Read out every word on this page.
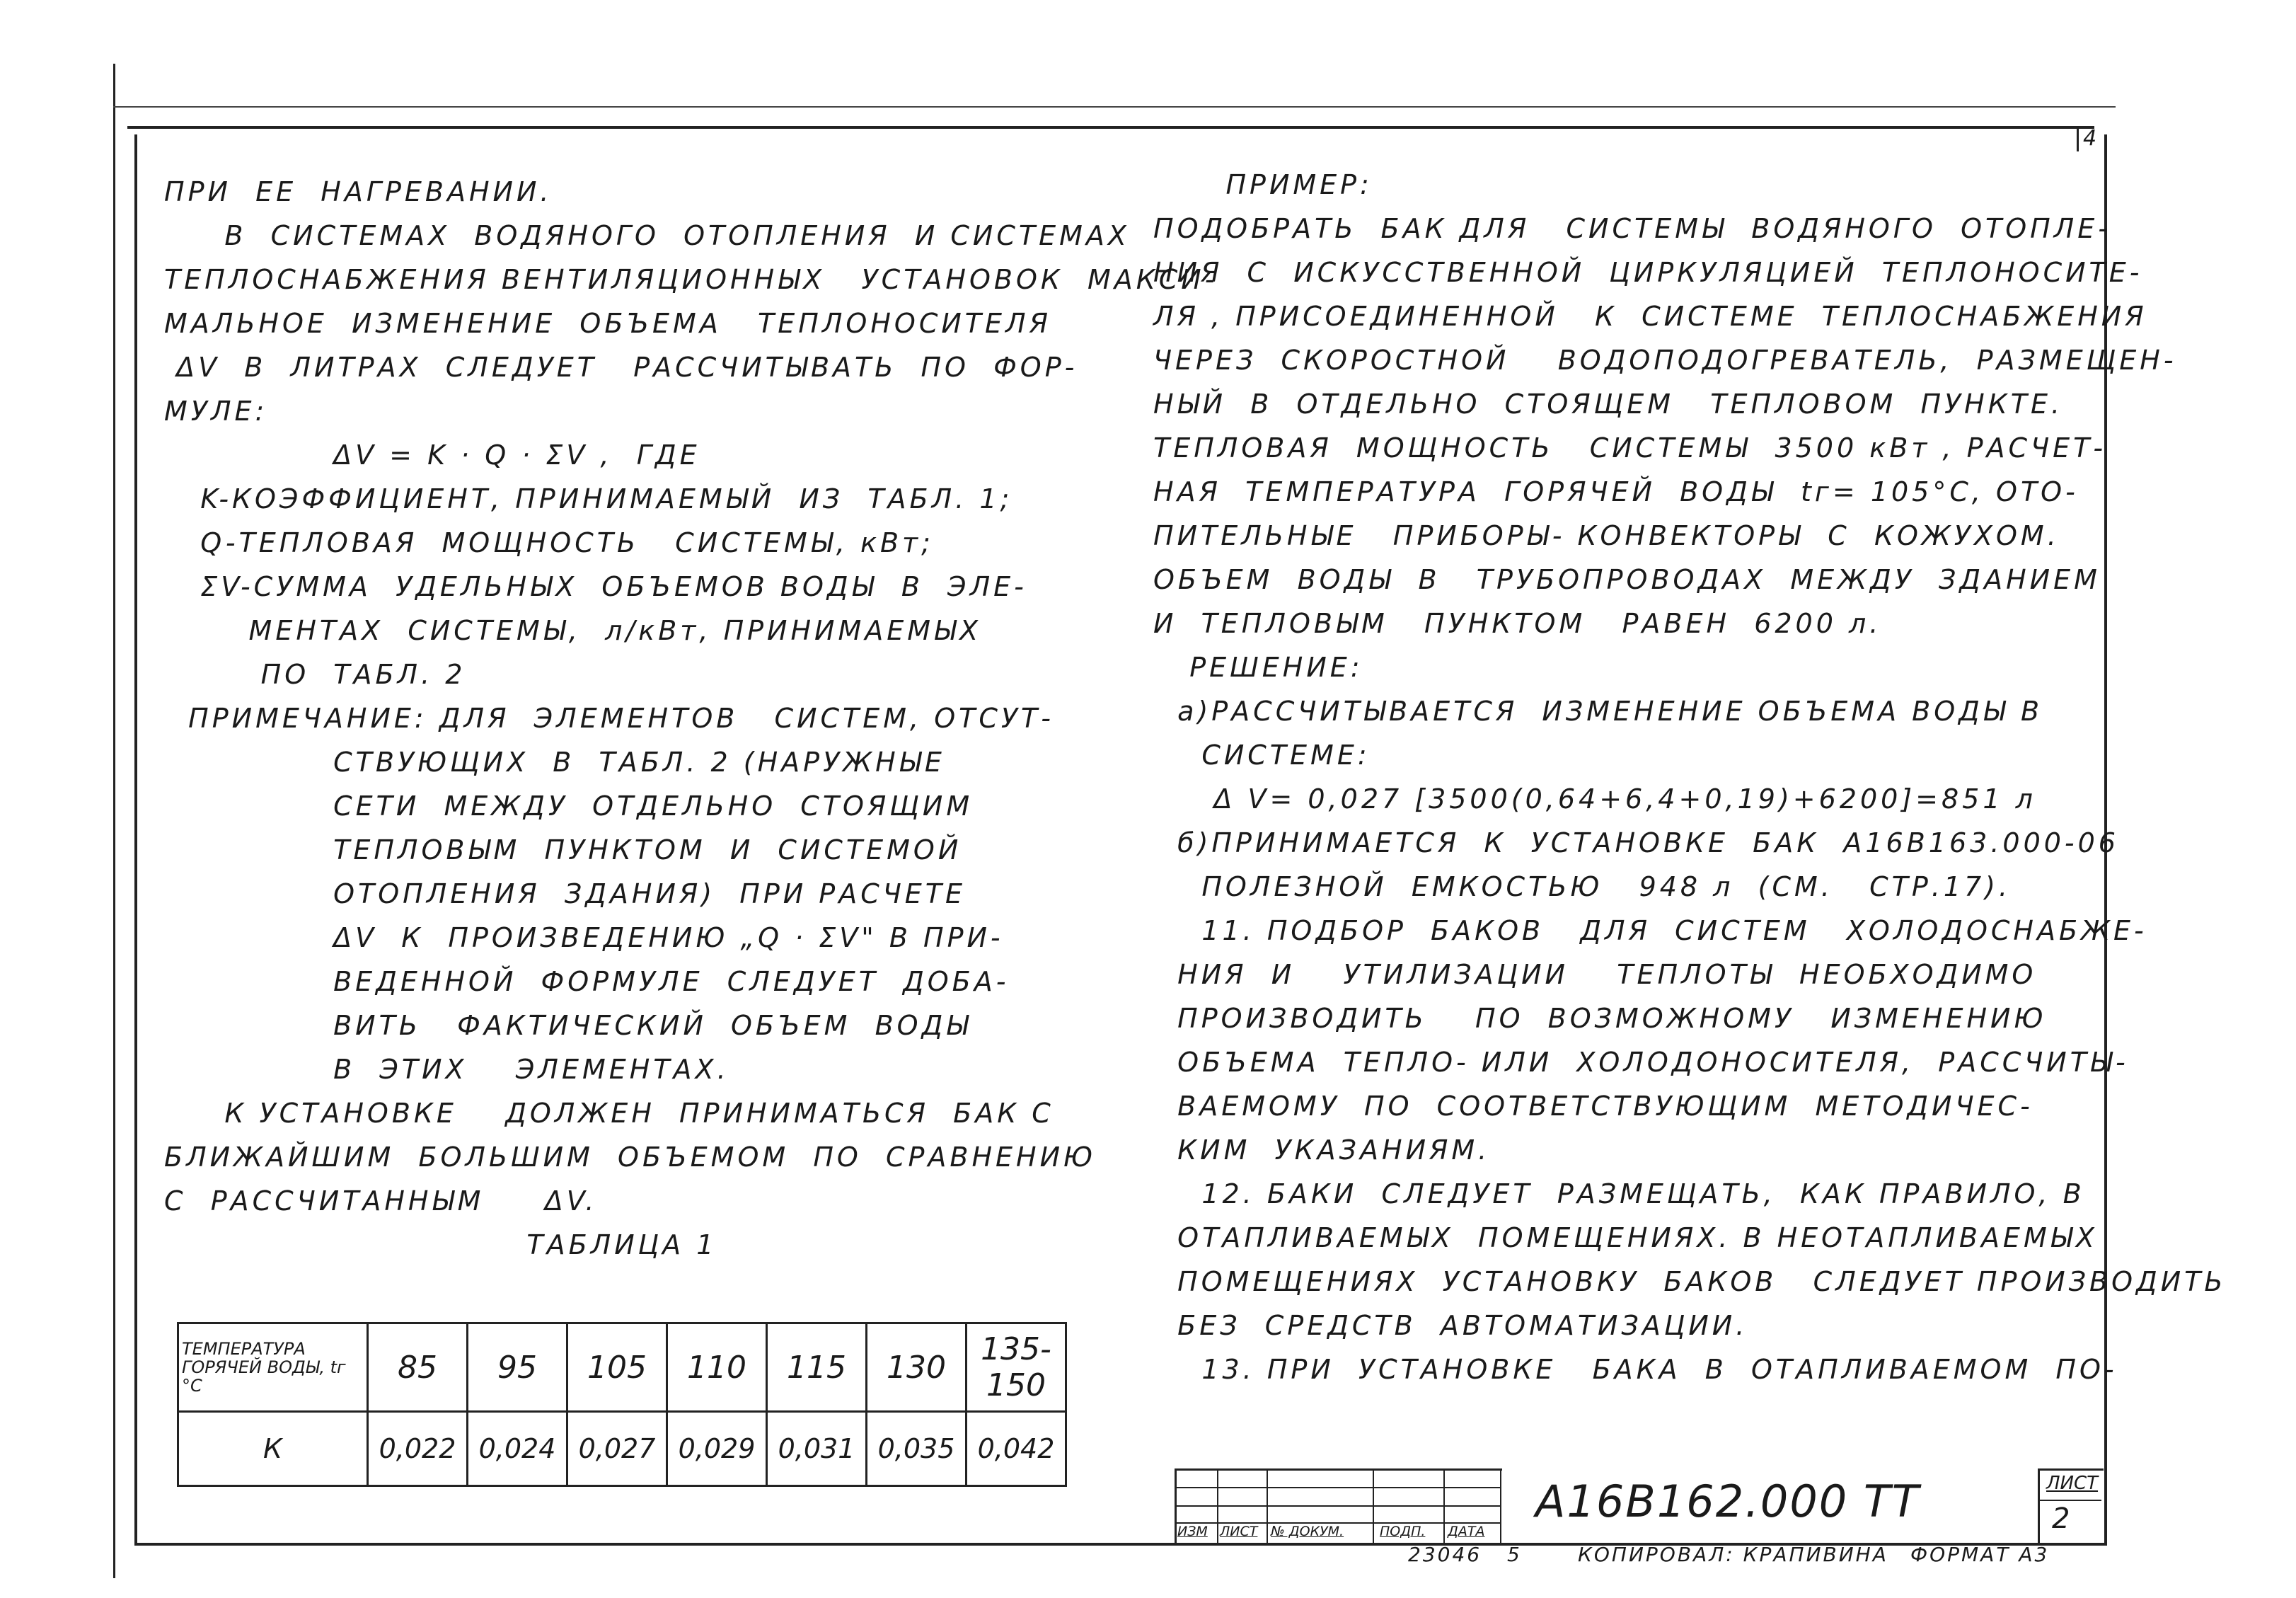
4
ПРИ  ЕЕ  НАГРЕВАНИИ.
В  СИСТЕМАХ  ВОДЯНОГО  ОТОПЛЕНИЯ  И СИСТЕМАХ
ТЕПЛОСНАБЖЕНИЯ ВЕНТИЛЯЦИОННЫХ   УСТАНОВОК  МАКСИ-
МАЛЬНОЕ  ИЗМЕНЕНИЕ  ОБЪЕМА   ТЕПЛОНОСИТЕЛЯ
ΔV  В  ЛИТРАХ  СЛЕДУЕТ   РАССЧИТЫВАТЬ  ПО  ФОР-
МУЛЕ:
ΔV = K · Q · ΣV ,  ГДЕ
K-КОЭФФИЦИЕНТ, ПРИНИМАЕМЫЙ  ИЗ  ТАБЛ. 1;
Q-ТЕПЛОВАЯ  МОЩНОСТЬ   СИСТЕМЫ, кВт;
ΣV-СУММА  УДЕЛЬНЫХ  ОБЪЕМОВ ВОДЫ  В  ЭЛЕ-
МЕНТАХ  СИСТЕМЫ,  л/кВт, ПРИНИМАЕМЫХ
ПО  ТАБЛ. 2
ПРИМЕЧАНИЕ: ДЛЯ  ЭЛЕМЕНТОВ   СИСТЕМ, ОТСУТ-
СТВУЮЩИХ  В  ТАБЛ. 2 (НАРУЖНЫЕ
СЕТИ  МЕЖДУ  ОТДЕЛЬНО  СТОЯЩИМ
ТЕПЛОВЫМ  ПУНКТОМ  И  СИСТЕМОЙ
ОТОПЛЕНИЯ  ЗДАНИЯ)  ПРИ РАСЧЕТЕ
ΔV  К  ПРОИЗВЕДЕНИЮ „Q · ΣV" В ПРИ-
ВЕДЕННОЙ  ФОРМУЛЕ  СЛЕДУЕТ  ДОБА-
ВИТЬ   ФАКТИЧЕСКИЙ  ОБЪЕМ  ВОДЫ
В  ЭТИХ    ЭЛЕМЕНТАХ.
К УСТАНОВКЕ    ДОЛЖЕН  ПРИНИМАТЬСЯ  БАК С
БЛИЖАЙШИМ  БОЛЬШИМ  ОБЪЕМОМ  ПО  СРАВНЕНИЮ
С  РАССЧИТАННЫМ     ΔV.
ТАБЛИЦА 1
ПРИМЕР:
ПОДОБРАТЬ  БАК ДЛЯ   СИСТЕМЫ  ВОДЯНОГО  ОТОПЛЕ-
НИЯ  С  ИСКУССТВЕННОЙ  ЦИРКУЛЯЦИЕЙ  ТЕПЛОНОСИТЕ-
ЛЯ , ПРИСОЕДИНЕННОЙ   К  СИСТЕМЕ  ТЕПЛОСНАБЖЕНИЯ
ЧЕРЕЗ  СКОРОСТНОЙ    ВОДОПОДОГРЕВАТЕЛЬ,  РАЗМЕЩЕН-
НЫЙ  В  ОТДЕЛЬНО  СТОЯЩЕМ   ТЕПЛОВОМ  ПУНКТЕ.
ТЕПЛОВАЯ  МОЩНОСТЬ   СИСТЕМЫ  3500 кВт , РАСЧЕТ-
НАЯ  ТЕМПЕРАТУРА  ГОРЯЧЕЙ  ВОДЫ  tг= 105°С, ОТО-
ПИТЕЛЬНЫЕ   ПРИБОРЫ- КОНВЕКТОРЫ  С  КОЖУХОМ.
ОБЪЕМ  ВОДЫ  В   ТРУБОПРОВОДАХ  МЕЖДУ  ЗДАНИЕМ
И  ТЕПЛОВЫМ   ПУНКТОМ   РАВЕН  6200 л.
РЕШЕНИЕ:
а)РАССЧИТЫВАЕТСЯ  ИЗМЕНЕНИЕ ОБЪЕМА ВОДЫ В
СИСТЕМЕ:
Δ V= 0,027 [3500(0,64+6,4+0,19)+6200]=851 л
б)ПРИНИМАЕТСЯ  К  УСТАНОВКЕ  БАК  А16В163.000-06
ПОЛЕЗНОЙ  ЕМКОСТЬЮ   948 л  (СМ.   СТР.17).
11. ПОДБОР  БАКОВ   ДЛЯ  СИСТЕМ   ХОЛОДОСНАБЖЕ-
НИЯ  И    УТИЛИЗАЦИИ    ТЕПЛОТЫ  НЕОБХОДИМО
ПРОИЗВОДИТЬ    ПО  ВОЗМОЖНОМУ   ИЗМЕНЕНИЮ
ОБЪЕМА  ТЕПЛО- ИЛИ  ХОЛОДОНОСИТЕЛЯ,  РАССЧИТЫ-
ВАЕМОМУ  ПО  СООТВЕТСТВУЮЩИМ  МЕТОДИЧЕС-
КИМ  УКАЗАНИЯМ.
12. БАКИ  СЛЕДУЕТ  РАЗМЕЩАТЬ,  КАК ПРАВИЛО, В
ОТАПЛИВАЕМЫХ  ПОМЕЩЕНИЯХ. В НЕОТАПЛИВАЕМЫХ
ПОМЕЩЕНИЯХ  УСТАНОВКУ  БАКОВ   СЛЕДУЕТ ПРОИЗВОДИТЬ
БЕЗ  СРЕДСТВ  АВТОМАТИЗАЦИИ.
13. ПРИ  УСТАНОВКЕ   БАКА  В  ОТАПЛИВАЕМОМ  ПО-
ТЕМПЕРАТУРА ГОРЯЧЕЙ ВОДЫ, tг °С	85	95	105	110	115	130	135-150
К	0,022	0,024	0,027	0,029	0,031	0,035	0,042
ИЗМ ЛИСТ № ДОКУМ.	ПОДП. ДАТА
А16В162.000 ТТ	ЛИСТ
2
23046 5	КОПИРОВАЛ: КРАПИВИНА ФОРМАТ А3
